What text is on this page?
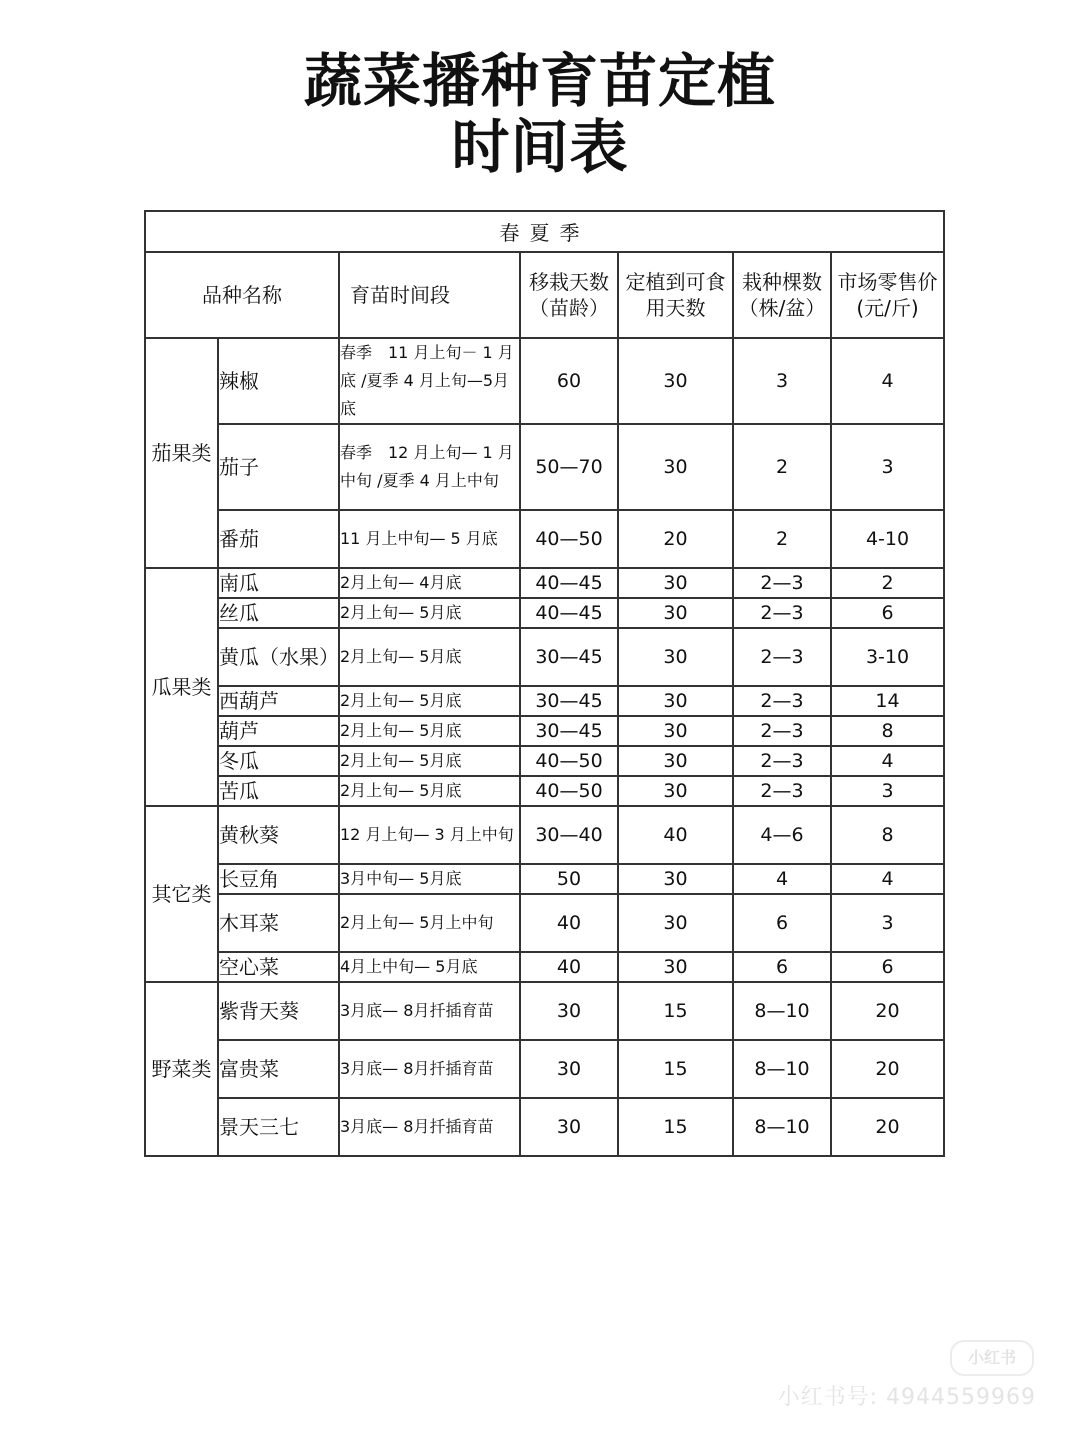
蔬菜播种育苗定植
时间表
春夏季						
品种名称		育苗时间段	移栽天数（苗龄）	定植到可食用天数	栽种棵数（株/盆）	市场零售价(元/斤)
茄果类	辣椒	春季　11 月上旬－ 1 月底 /夏季 4 月上旬—5月底	60	30	3	4
	茄子	春季　12 月上旬— 1 月中旬 /夏季 4 月上中旬	50—70	30	2	3
	番茄	11 月上中旬— 5 月底	40—50	20	2	4-10
瓜果类	南瓜	2月上旬— 4月底	40—45	30	2—3	2
	丝瓜	2月上旬— 5月底	40—45	30	2—3	6
	黄瓜（水果）	2月上旬— 5月底	30—45	30	2—3	3-10
	西葫芦	2月上旬— 5月底	30—45	30	2—3	14
	葫芦	2月上旬— 5月底	30—45	30	2—3	8
	冬瓜	2月上旬— 5月底	40—50	30	2—3	4
	苦瓜	2月上旬— 5月底	40—50	30	2—3	3
其它类	黄秋葵	12 月上旬— 3 月上中旬	30—40	40	4—6	8
	长豆角	3月中旬— 5月底	50	30	4	4
	木耳菜	2月上旬— 5月上中旬	40	30	6	3
	空心菜	4月上中旬— 5月底	40	30	6	6
野菜类	紫背天葵	3月底— 8月扦插育苗	30	15	8—10	20
	富贵菜	3月底— 8月扦插育苗	30	15	8—10	20
	景天三七	3月底— 8月扦插育苗	30	15	8—10	20
小红书
小红书号: 4944559969
